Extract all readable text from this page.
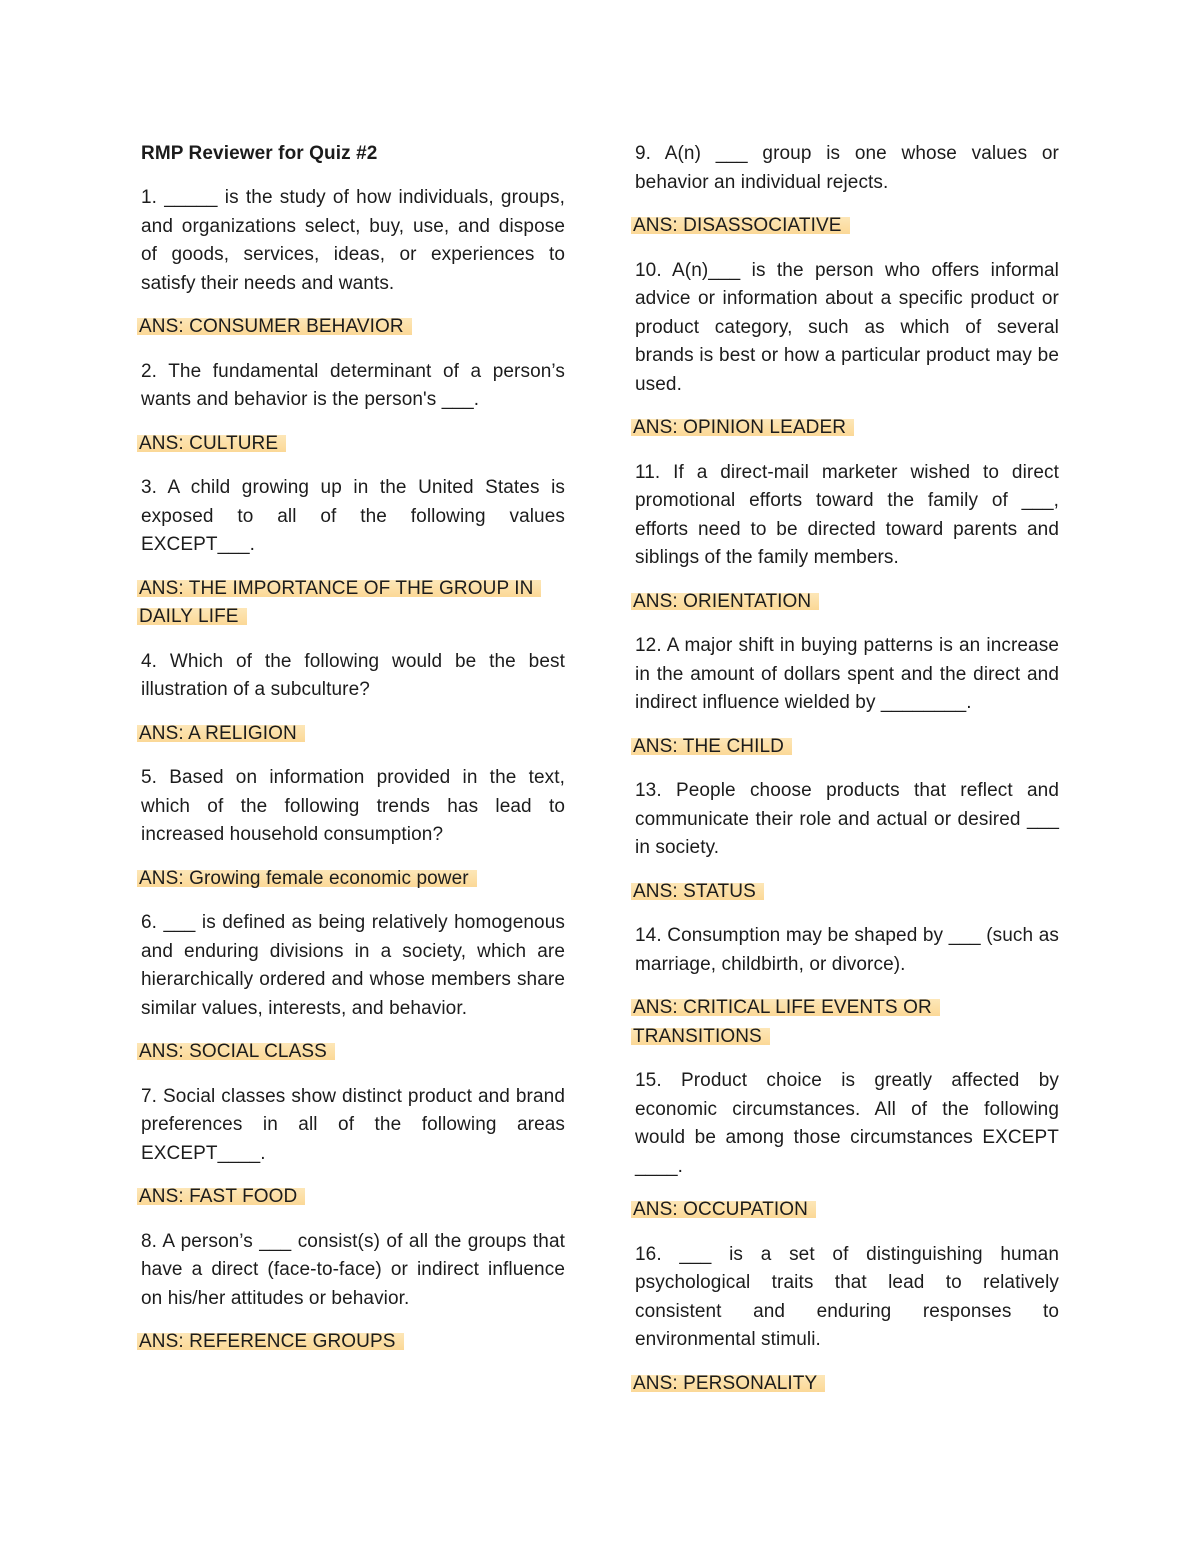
RMP Reviewer for Quiz #2
1. _____ is the study of how individuals, groups, and organizations select, buy, use, and dispose of goods, services, ideas, or experiences to satisfy their needs and wants.
ANS: CONSUMER BEHAVIOR
2. The fundamental determinant of a person’s wants and behavior is the person's ___.
ANS: CULTURE
3. A child growing up in the United States is exposed to all of the following values EXCEPT___.
ANS: THE IMPORTANCE OF THE GROUP IN DAILY LIFE
4. Which of the following would be the best illustration of a subculture?
ANS: A RELIGION
5. Based on information provided in the text, which of the following trends has lead to increased household consumption?
ANS: Growing female economic power
6. ___ is defined as being relatively homogenous and enduring divisions in a society, which are hierarchically ordered and whose members share similar values, interests, and behavior.
ANS: SOCIAL CLASS
7. Social classes show distinct product and brand preferences in all of the following areas EXCEPT____.
ANS: FAST FOOD
8. A person’s ___ consist(s) of all the groups that have a direct (face-to-face) or indirect influence on his/her attitudes or behavior.
ANS: REFERENCE GROUPS
9. A(n) ___ group is one whose values or behavior an individual rejects.
ANS: DISASSOCIATIVE
10. A(n)___ is the person who offers informal advice or information about a specific product or product category, such as which of several brands is best or how a particular product may be used.
ANS: OPINION LEADER
11. If a direct-mail marketer wished to direct promotional efforts toward the family of ___, efforts need to be directed toward parents and siblings of the family members.
ANS: ORIENTATION
12. A major shift in buying patterns is an increase in the amount of dollars spent and the direct and indirect influence wielded by ________.
ANS: THE CHILD
13. People choose products that reflect and communicate their role and actual or desired ___ in society.
ANS: STATUS
14. Consumption may be shaped by ___ (such as marriage, childbirth, or divorce).
ANS: CRITICAL LIFE EVENTS OR TRANSITIONS
15. Product choice is greatly affected by economic circumstances. All of the following would be among those circumstances EXCEPT ____.
ANS: OCCUPATION
16. ___ is a set of distinguishing human psychological traits that lead to relatively consistent and enduring responses to environmental stimuli.
ANS: PERSONALITY
